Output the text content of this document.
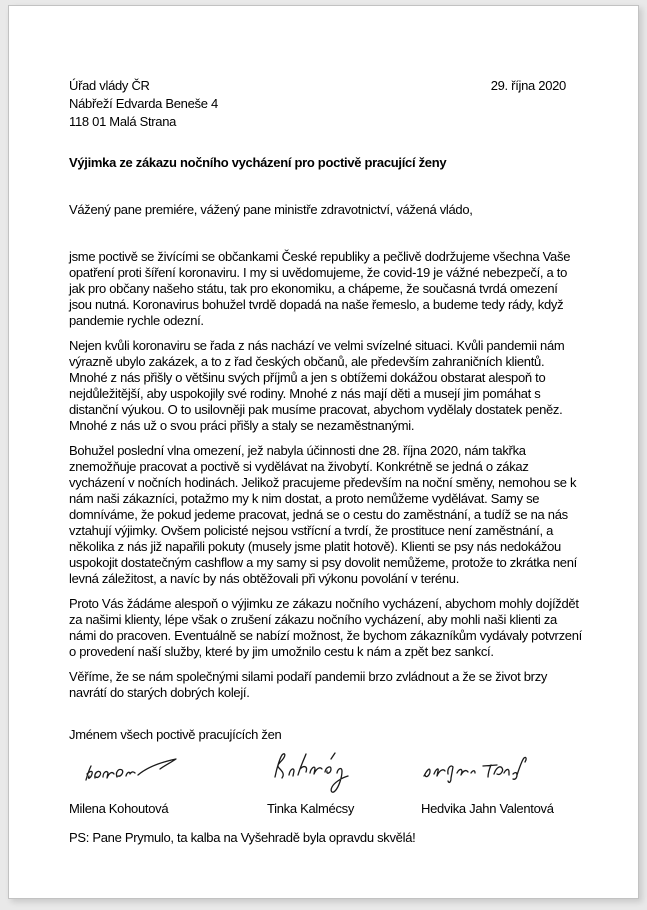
Úřad vlády ČR
Nábřeží Edvarda Beneše 4
118 01 Malá Strana
29. října 2020
Výjimka ze zákazu nočního vycházení pro poctivě pracující ženy
Vážený pane premiére, vážený pane ministře zdravotnictví, vážená vládo,

jsme poctivě se živícími se občankami České republiky a pečlivě dodržujeme všechna Vaše opatření proti šíření koronaviru. I my si uvědomujeme, že covid-19 je vážné nebezpečí, a to jak pro občany našeho státu, tak pro ekonomiku, a chápeme, že současná tvrdá omezení jsou nutná. Koronavirus bohužel tvrdě dopadá na naše řemeslo, a budeme tedy rády, když pandemie rychle odezní.

Nejen kvůli koronaviru se řada z nás nachází ve velmi svízelné situaci. Kvůli pandemii nám výrazně ubylo zakázek, a to z řad českých občanů, ale především zahraničních klientů. Mnohé z nás přišly o většinu svých příjmů a jen s obtížemi dokážou obstarat alespoň to nejdůležitější, aby uspokojily své rodiny. Mnohé z nás mají děti a musejí jim pomáhat s distanční výukou. O to usilovněji pak musíme pracovat, abychom vydělaly dostatek peněz. Mnohé z nás už o svou práci přišly a staly se nezaměstnanými.

Bohužel poslední vlna omezení, jež nabyla účinnosti dne 28. října 2020, nám takřka znemožňuje pracovat a poctivě si vydělávat na živobytí. Konkrétně se jedná o zákaz vycházení v nočních hodinách. Jelikož pracujeme především na noční směny, nemohou se k nám naši zákazníci, potažmo my k nim dostat, a proto nemůžeme vydělávat. Samy se domníváme, že pokud jedeme pracovat, jedná se o cestu do zaměstnání, a tudíž se na nás vztahují výjimky. Ovšem policisté nejsou vstřícní a tvrdí, že prostituce není zaměstnání, a několika z nás již napařili pokuty (musely jsme platit hotově). Klienti se psy nás nedokážou uspokojit dostatečným cashflow a my samy si psy dovolit nemůžeme, protože to zkrátka není levná záležitost, a navíc by nás obtěžovali při výkonu povolání v terénu.

Proto Vás žádáme alespoň o výjimku ze zákazu nočního vycházení, abychom mohly dojíždět za našimi klienty, lépe však o zrušení zákazu nočního vycházení, aby mohli naši klienti za námi do pracoven. Eventuálně se nabízí možnost, že bychom zákazníkům vydávaly potvrzení o provedení naší služby, které by jim umožnilo cestu k nám a zpět bez sankcí.

Věříme, že se nám společnými silami podaří pandemii brzo zvládnout a že se život brzy navrátí do starých dobrých kolejí.

Jménem všech poctivě pracujících žen
Milena Kohoutová	Tinka Kalmécsy	Hedvika Jahn Valentová
PS: Pane Prymulo, ta kalba na Vyšehradě byla opravdu skvělá!
